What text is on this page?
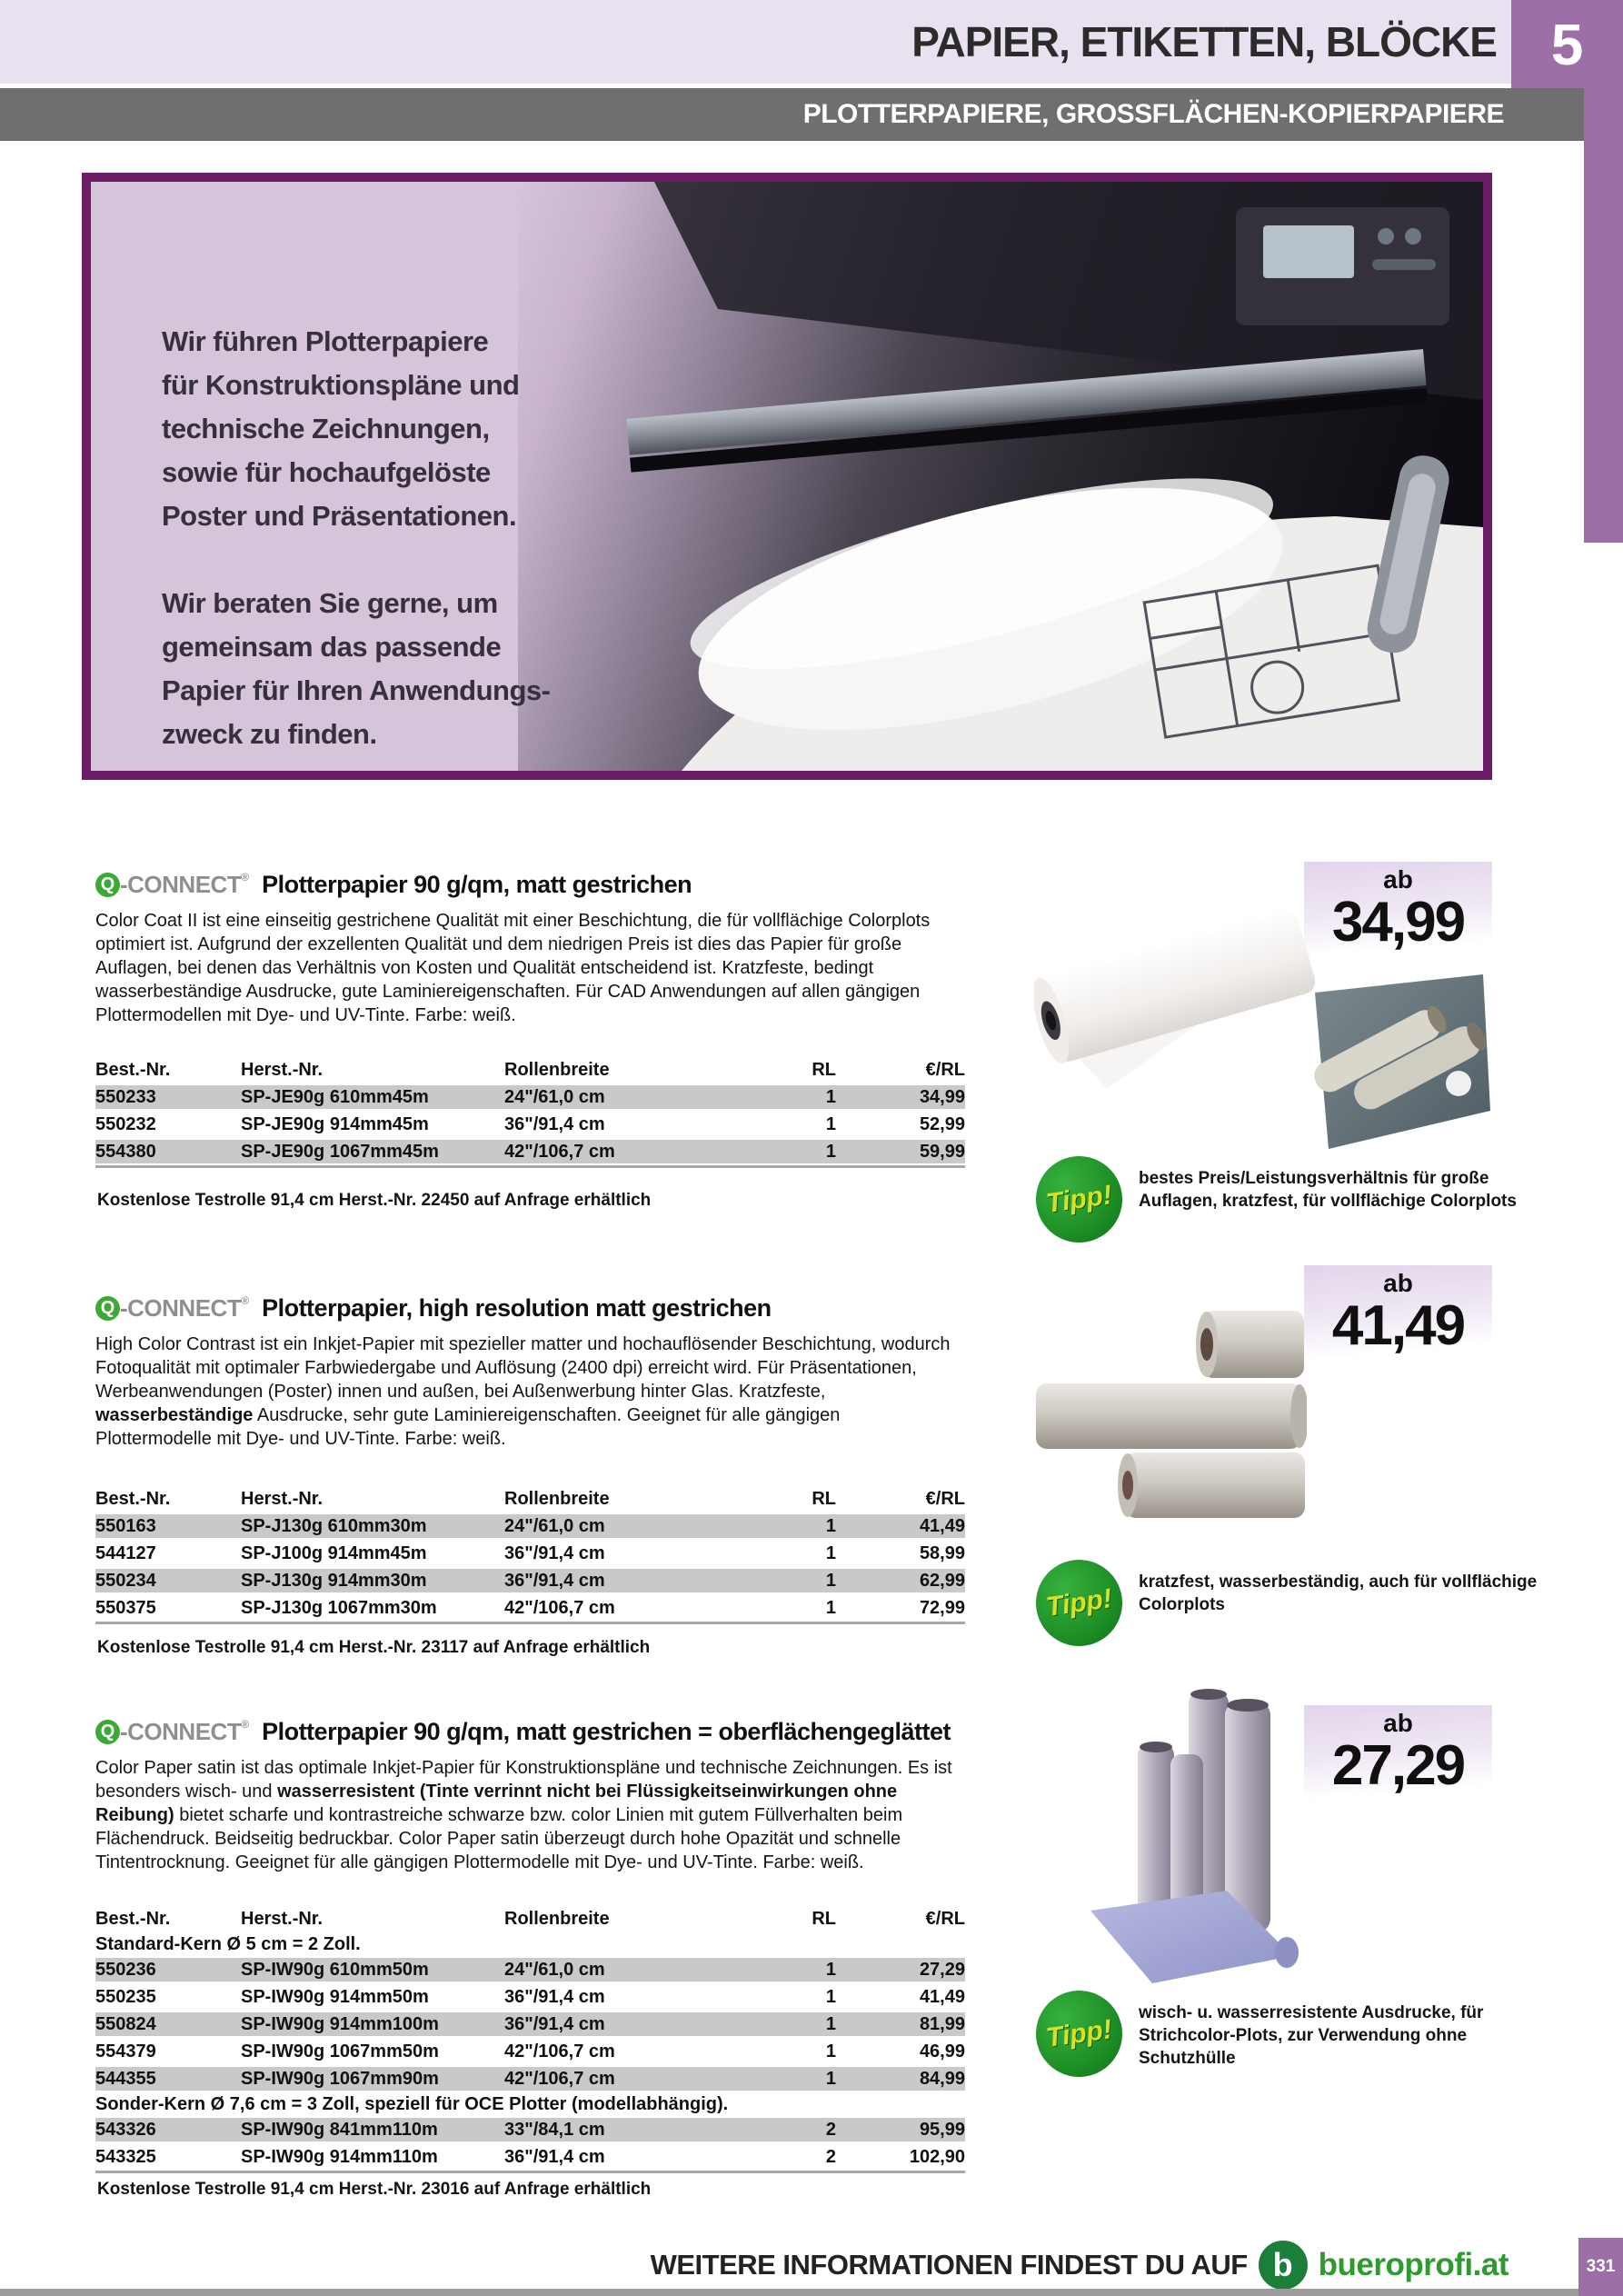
PAPIER, ETIKETTEN, BLÖCKE 5
PLOTTERPAPIERE, GROSSFLÄCHEN-KOPIERPAPIERE
Wir führen Plotterpapiere
für Konstruktionspläne und
technische Zeichnungen,
sowie für hochaufgelöste
Poster und Präsentationen.
Wir beraten Sie gerne, um
gemeinsam das passende
Papier für Ihren Anwendungs-
zweck zu finden.
Q -CONNECT® Plotterpapier 90 g/qm, matt gestrichen

Color Coat II ist eine einseitig gestrichene Qualität mit einer Beschichtung, die für vollflächige Colorplots optimiert ist. Aufgrund der exzellenten Qualität und dem niedrigen Preis ist dies das Papier für große Auflagen, bei denen das Verhältnis von Kosten und Qualität entscheidend ist. Kratzfeste, bedingt wasserbeständige Ausdrucke, gute Laminiereigenschaften. Für CAD Anwendungen auf allen gängigen Plottermodellen mit Dye- und UV-Tinte. Farbe: weiß.

Best.-Nr.	Herst.-Nr.	Rollenbreite	RL	€/RL
550233	SP-JE90g 610mm45m	24"/61,0 cm	1	34,99
550232	SP-JE90g 914mm45m	36"/91,4 cm	1	52,99
554380	SP-JE90g 1067mm45m	42"/106,7 cm	1	59,99
Kostenlose Testrolle 91,4 cm Herst.-Nr. 22450 auf Anfrage erhältlich
ab
34,99
Tipp!
bestes Preis/Leistungsverhältnis für große Auflagen, kratzfest, für vollflächige Colorplots
Q -CONNECT® Plotterpapier, high resolution matt gestrichen

High Color Contrast ist ein Inkjet-Papier mit spezieller matter und hochauflösender Beschichtung, wodurch Fotoqualität mit optimaler Farbwiedergabe und Auflösung (2400 dpi) erreicht wird. Für Präsentationen, Werbeanwendungen (Poster) innen und außen, bei Außenwerbung hinter Glas. Kratzfeste, wasserbeständige Ausdrucke, sehr gute Laminiereigenschaften. Geeignet für alle gängigen Plottermodelle mit Dye- und UV-Tinte. Farbe: weiß.

Best.-Nr.	Herst.-Nr.	Rollenbreite	RL	€/RL
550163	SP-J130g 610mm30m	24"/61,0 cm	1	41,49
544127	SP-J100g 914mm45m	36"/91,4 cm	1	58,99
550234	SP-J130g 914mm30m	36"/91,4 cm	1	62,99
550375	SP-J130g 1067mm30m	42"/106,7 cm	1	72,99
Kostenlose Testrolle 91,4 cm Herst.-Nr. 23117 auf Anfrage erhältlich
ab
41,49
Tipp!
kratzfest, wasserbeständig, auch für vollflächige Colorplots
Q -CONNECT® Plotterpapier 90 g/qm, matt gestrichen = oberflächengeglättet

Color Paper satin ist das optimale Inkjet-Papier für Konstruktionspläne und technische Zeichnungen. Es ist besonders wisch- und wasserresistent (Tinte verrinnt nicht bei Flüssigkeitseinwirkungen ohne Reibung) bietet scharfe und kontrastreiche schwarze bzw. color Linien mit gutem Füllverhalten beim Flächendruck. Beidseitig bedruckbar. Color Paper satin überzeugt durch hohe Opazität und schnelle Tintentrocknung. Geeignet für alle gängigen Plottermodelle mit Dye- und UV-Tinte. Farbe: weiß.

Best.-Nr.	Herst.-Nr.	Rollenbreite	RL	€/RL
Standard-Kern Ø 5 cm = 2 Zoll.
550236	SP-IW90g 610mm50m	24"/61,0 cm	1	27,29
550235	SP-IW90g 914mm50m	36"/91,4 cm	1	41,49
550824	SP-IW90g 914mm100m	36"/91,4 cm	1	81,99
554379	SP-IW90g 1067mm50m	42"/106,7 cm	1	46,99
544355	SP-IW90g 1067mm90m	42"/106,7 cm	1	84,99
Sonder-Kern Ø 7,6 cm = 3 Zoll, speziell für OCE Plotter (modellabhängig).
543326	SP-IW90g 841mm110m	33"/84,1 cm	2	95,99
543325	SP-IW90g 914mm110m	36"/91,4 cm	2	102,90
Kostenlose Testrolle 91,4 cm Herst.-Nr. 23016 auf Anfrage erhältlich
ab
27,29
Tipp!
wisch- u. wasserresistente Ausdrucke, für Strichcolor-Plots, zur Verwendung ohne Schutzhülle
WEITERE INFORMATIONEN FINDEST DU AUF b bueroprofi.at	331
